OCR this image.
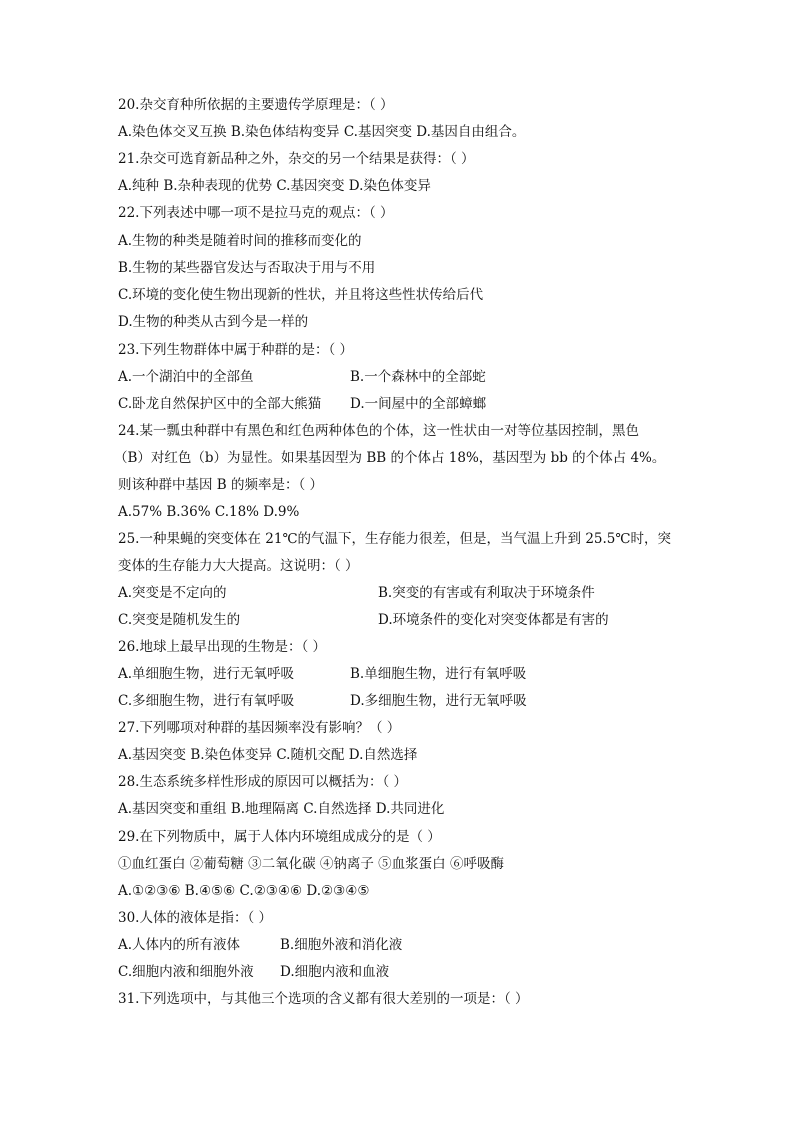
20.杂交育种所依据的主要遗传学原理是：（ ）
A.染色体交叉互换 B.染色体结构变异 C.基因突变 D.基因自由组合。
21.杂交可选育新品种之外，杂交的另一个结果是获得：（ ）
A.纯种 B.杂种表现的优势 C.基因突变 D.染色体变异
22.下列表述中哪一项不是拉马克的观点：（ ）
A.生物的种类是随着时间的推移而变化的
B.生物的某些器官发达与否取决于用与不用
C.环境的变化使生物出现新的性状，并且将这些性状传给后代
D.生物的种类从古到今是一样的
23.下列生物群体中属于种群的是：（ ）
A.一个湖泊中的全部鱼	B.一个森林中的全部蛇
C.卧龙自然保护区中的全部大熊猫 D.一间屋中的全部蟑螂
24.某一瓢虫种群中有黑色和红色两种体色的个体，这一性状由一对等位基因控制，黑色
（B）对红色（b）为显性。如果基因型为 BB 的个体占 18%，基因型为 bb 的个体占 4%。
则该种群中基因 B 的频率是：（ ）
A.57% B.36% C.18% D.9%
25.一种果蝇的突变体在 21℃的气温下，生存能力很差，但是，当气温上升到 25.5℃时，突
变体的生存能力大大提高。这说明：（ ）
A.突变是不定向的	B.突变的有害或有利取决于环境条件
C.突变是随机发生的	D.环境条件的变化对突变体都是有害的
26.地球上最早出现的生物是：（ ）
A.单细胞生物，进行无氧呼吸	B.单细胞生物，进行有氧呼吸
C.多细胞生物，进行有氧呼吸	D.多细胞生物，进行无氧呼吸
27.下列哪项对种群的基因频率没有影响？（ ）
A.基因突变 B.染色体变异 C.随机交配 D.自然选择
28.生态系统多样性形成的原因可以概括为：（ ）
A.基因突变和重组 B.地理隔离 C.自然选择 D.共同进化
29.在下列物质中，属于人体内环境组成成分的是（ ）
①血红蛋白 ②葡萄糖 ③二氧化碳 ④钠离子 ⑤血浆蛋白 ⑥呼吸酶
A.①②③⑥ B.④⑤⑥ C.②③④⑥ D.②③④⑤
30.人体的液体是指：（ ）
A.人体内的所有液体	B.细胞外液和消化液
C.细胞内液和细胞外液 D.细胞内液和血液
31.下列选项中，与其他三个选项的含义都有很大差别的一项是：（ ）
